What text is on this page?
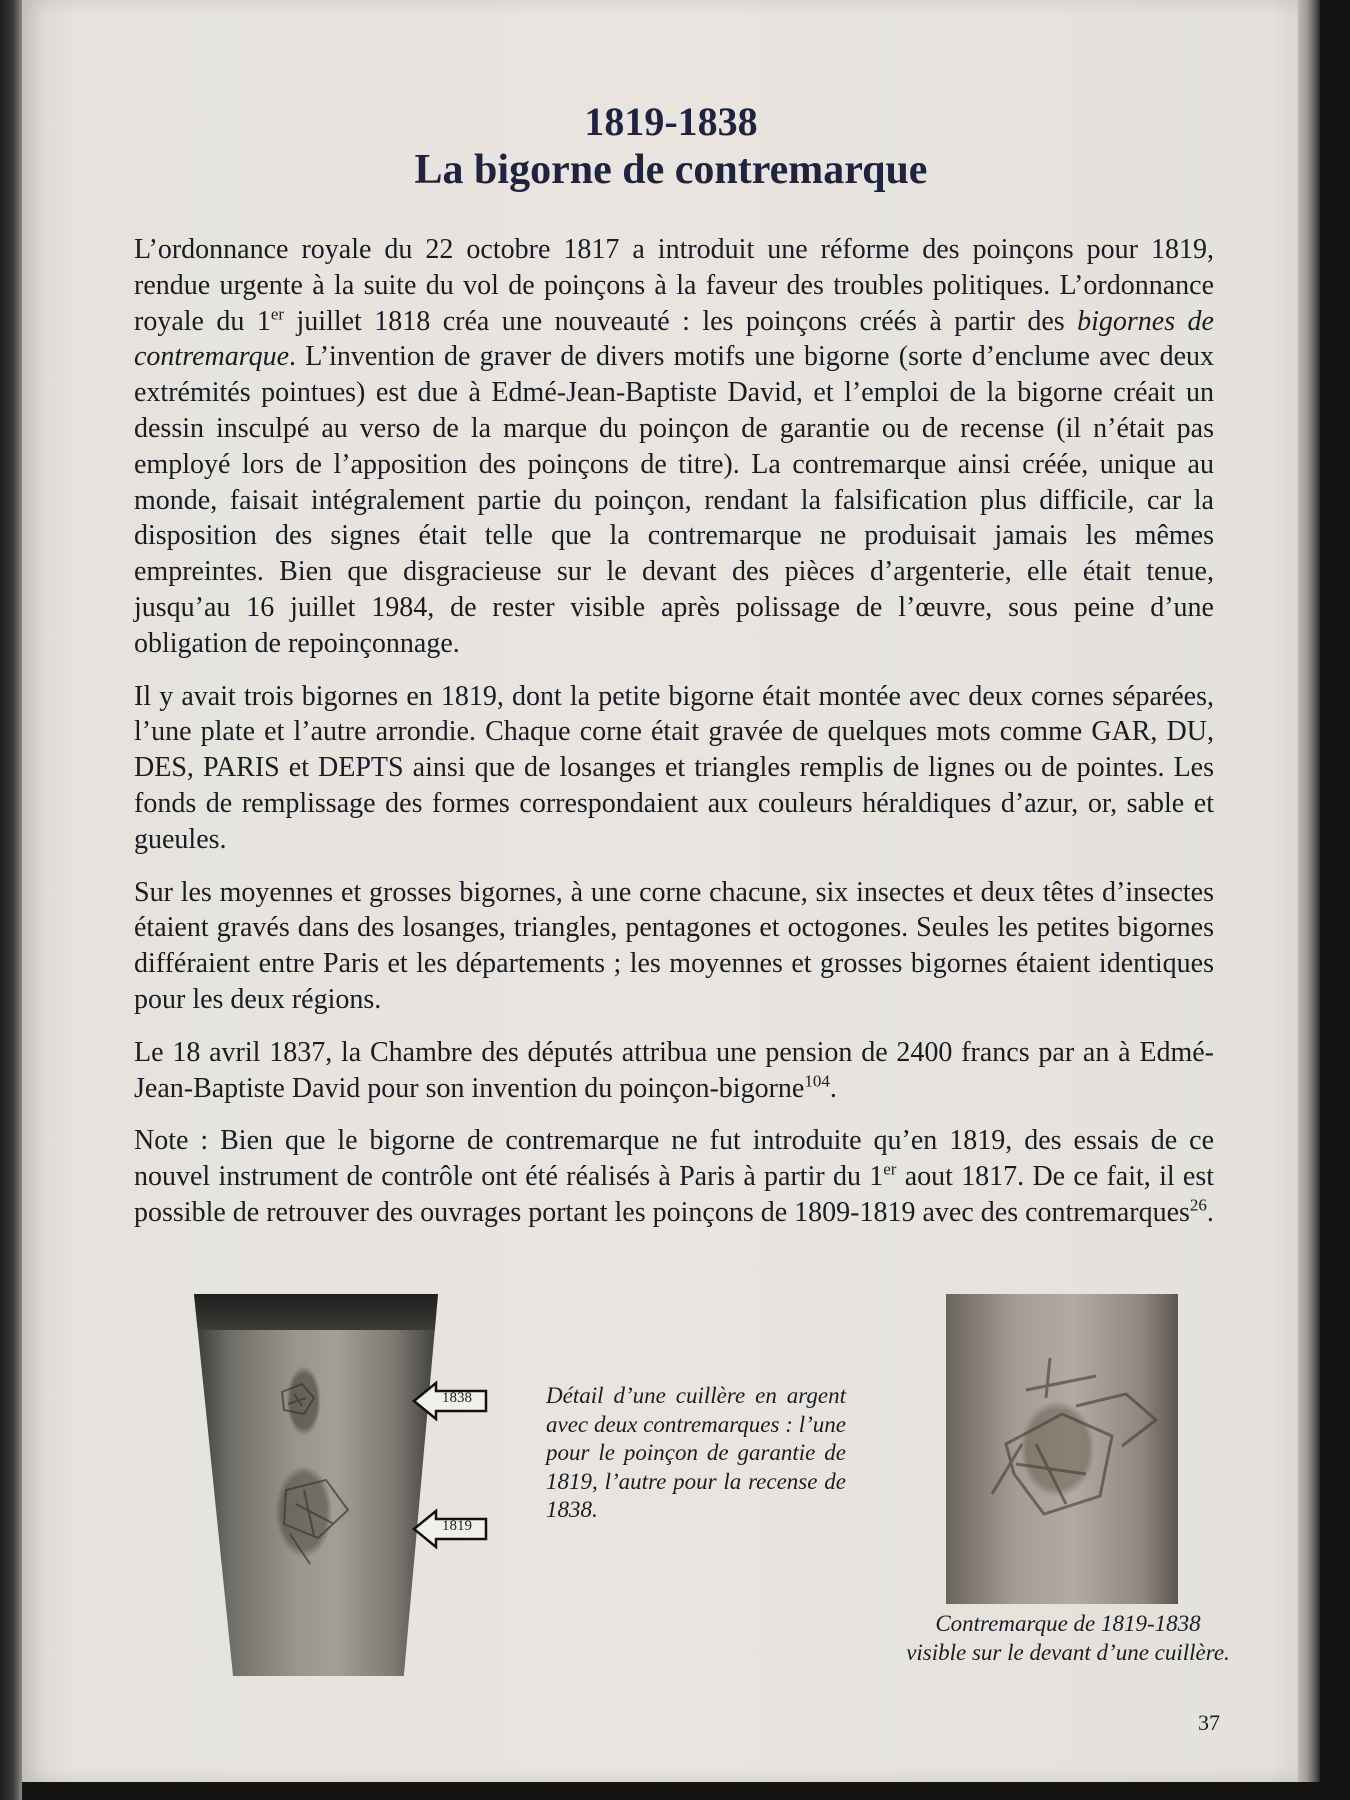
1819-1838
La bigorne de contremarque

L’ordonnance royale du 22 octobre 1817 a introduit une réforme des poinçons pour 1819, rendue urgente à la suite du vol de poinçons à la faveur des troubles politiques. L’ordonnance royale du 1er juillet 1818 créa une nouveauté : les poinçons créés à partir des bigornes de contremarque. L’invention de graver de divers motifs une bigorne (sorte d’enclume avec deux extrémités pointues) est due à Edmé-Jean-Baptiste David, et l’emploi de la bigorne créait un dessin insculpé au verso de la marque du poinçon de garantie ou de recense (il n’était pas employé lors de l’apposition des poinçons de titre). La contremarque ainsi créée, unique au monde, faisait intégralement partie du poinçon, rendant la falsification plus difficile, car la disposition des signes était telle que la contremarque ne produisait jamais les mêmes empreintes. Bien que disgracieuse sur le devant des pièces d’argenterie, elle était tenue, jusqu’au 16 juillet 1984, de rester visible après polissage de l’œuvre, sous peine d’une obligation de repoinçonnage.

Il y avait trois bigornes en 1819, dont la petite bigorne était montée avec deux cornes séparées, l’une plate et l’autre arrondie. Chaque corne était gravée de quelques mots comme GAR, DU, DES, PARIS et DEPTS ainsi que de losanges et triangles remplis de lignes ou de pointes. Les fonds de remplissage des formes correspondaient aux couleurs héraldiques d’azur, or, sable et gueules.

Sur les moyennes et grosses bigornes, à une corne chacune, six insectes et deux têtes d’insectes étaient gravés dans des losanges, triangles, pentagones et octogones. Seules les petites bigornes différaient entre Paris et les départements ; les moyennes et grosses bigornes étaient identiques pour les deux régions.

Le 18 avril 1837, la Chambre des députés attribua une pension de 2400 francs par an à Edmé-Jean-Baptiste David pour son invention du poinçon-bigorne$^{104}$.

Note : Bien que le bigorne de contremarque ne fut introduite qu’en 1819, des essais de ce nouvel instrument de contrôle ont été réalisés à Paris à partir du 1er aout 1817. De ce fait, il est possible de retrouver des ouvrages portant les poinçons de 1809-1819 avec des contremarques$^{26}$.

1838
1819
Détail d’une cuillère en argent avec deux contremarques : l’une pour le poinçon de garantie de 1819, l’autre pour la recense de 1838.
Contremarque de 1819-1838
visible sur le devant d’une cuillère.
37
